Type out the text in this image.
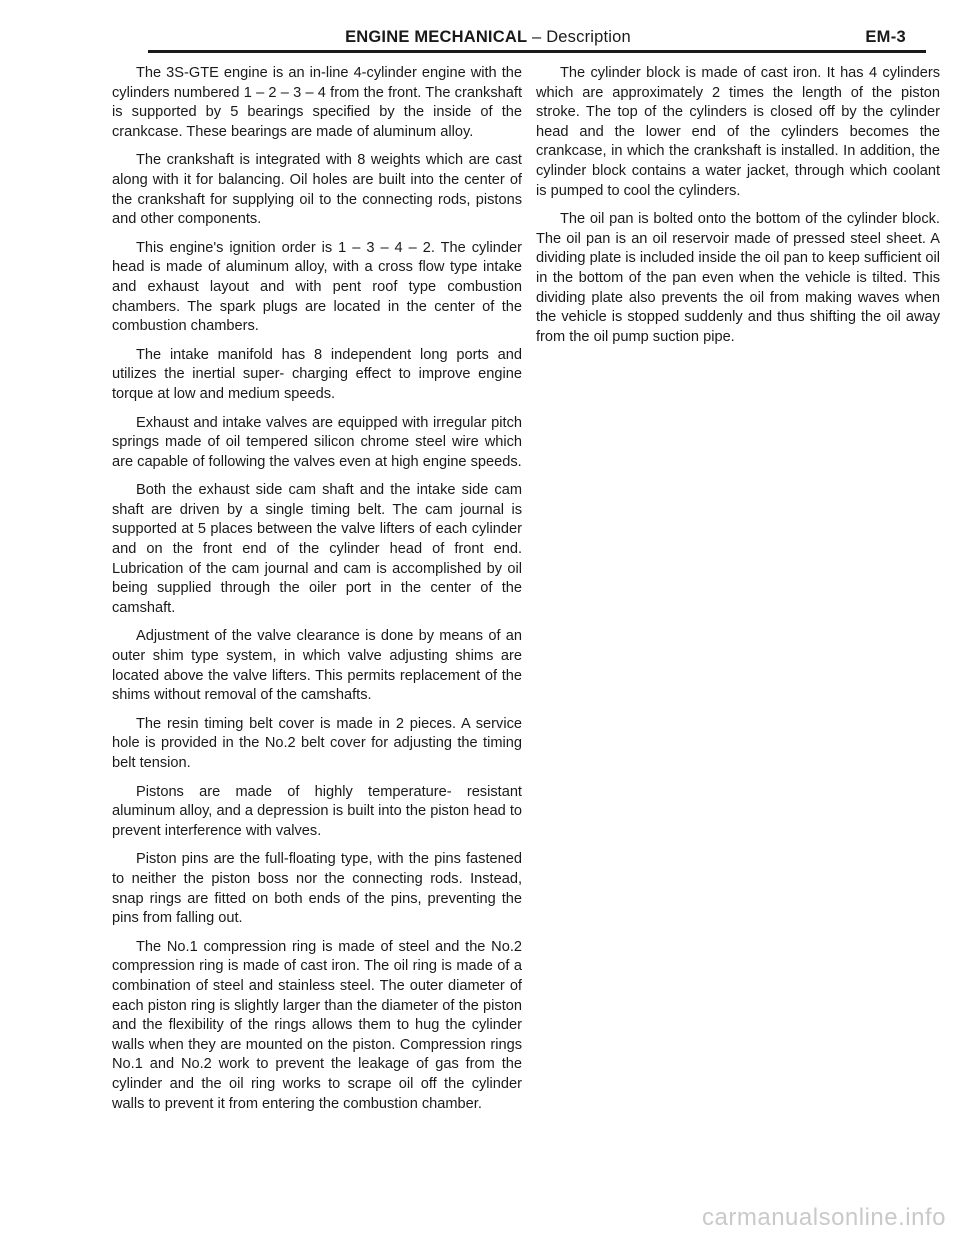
ENGINE MECHANICAL – Description	EM-3

The 3S-GTE engine is an in-line 4-cylinder engine with the cylinders numbered 1 – 2 – 3 – 4 from the front. The crankshaft is supported by 5 bearings specified by the inside of the crankcase. These bearings are made of aluminum alloy.

The crankshaft is integrated with 8 weights which are cast along with it for balancing. Oil holes are built into the center of the crankshaft for supplying oil to the connecting rods, pistons and other components.

This engine's ignition order is 1 – 3 – 4 – 2. The cylinder head is made of aluminum alloy, with a cross flow type intake and exhaust layout and with pent roof type combustion chambers. The spark plugs are located in the center of the combustion chambers.

The intake manifold has 8 independent long ports and utilizes the inertial super- charging effect to improve engine torque at low and medium speeds.

Exhaust and intake valves are equipped with irregular pitch springs made of oil tempered silicon chrome steel wire which are capable of following the valves even at high engine speeds.

Both the exhaust side cam shaft and the intake side cam shaft are driven by a single timing belt. The cam journal is supported at 5 places between the valve lifters of each cylinder and on the front end of the cylinder head of front end. Lubrication of the cam journal and cam is accomplished by oil being supplied through the oiler port in the center of the camshaft.

Adjustment of the valve clearance is done by means of an outer shim type system, in which valve adjusting shims are located above the valve lifters. This permits replacement of the shims without removal of the camshafts.

The resin timing belt cover is made in 2 pieces. A service hole is provided in the No.2 belt cover for adjusting the timing belt tension.

Pistons are made of highly temperature- resistant aluminum alloy, and a depression is built into the piston head to prevent interference with valves.

Piston pins are the full-floating type, with the pins fastened to neither the piston boss nor the connecting rods. Instead, snap rings are fitted on both ends of the pins, preventing the pins from falling out.

The No.1 compression ring is made of steel and the No.2 compression ring is made of cast iron. The oil ring is made of a combination of steel and stainless steel. The outer diameter of each piston ring is slightly larger than the diameter of the piston and the flexibility of the rings allows them to hug the cylinder walls when they are mounted on the piston. Compression rings No.1 and No.2 work to prevent the leakage of gas from the cylinder and the oil ring works to scrape oil off the cylinder walls to prevent it from entering the combustion chamber.

The cylinder block is made of cast iron. It has 4 cylinders which are approximately 2 times the length of the piston stroke. The top of the cylinders is closed off by the cylinder head and the lower end of the cylinders becomes the crankcase, in which the crankshaft is installed. In addition, the cylinder block contains a water jacket, through which coolant is pumped to cool the cylinders.

The oil pan is bolted onto the bottom of the cylinder block. The oil pan is an oil reservoir made of pressed steel sheet. A dividing plate is included inside the oil pan to keep sufficient oil in the bottom of the pan even when the vehicle is tilted. This dividing plate also prevents the oil from making waves when the vehicle is stopped suddenly and thus shifting the oil away from the oil pump suction pipe.

carmanualsonline.info
